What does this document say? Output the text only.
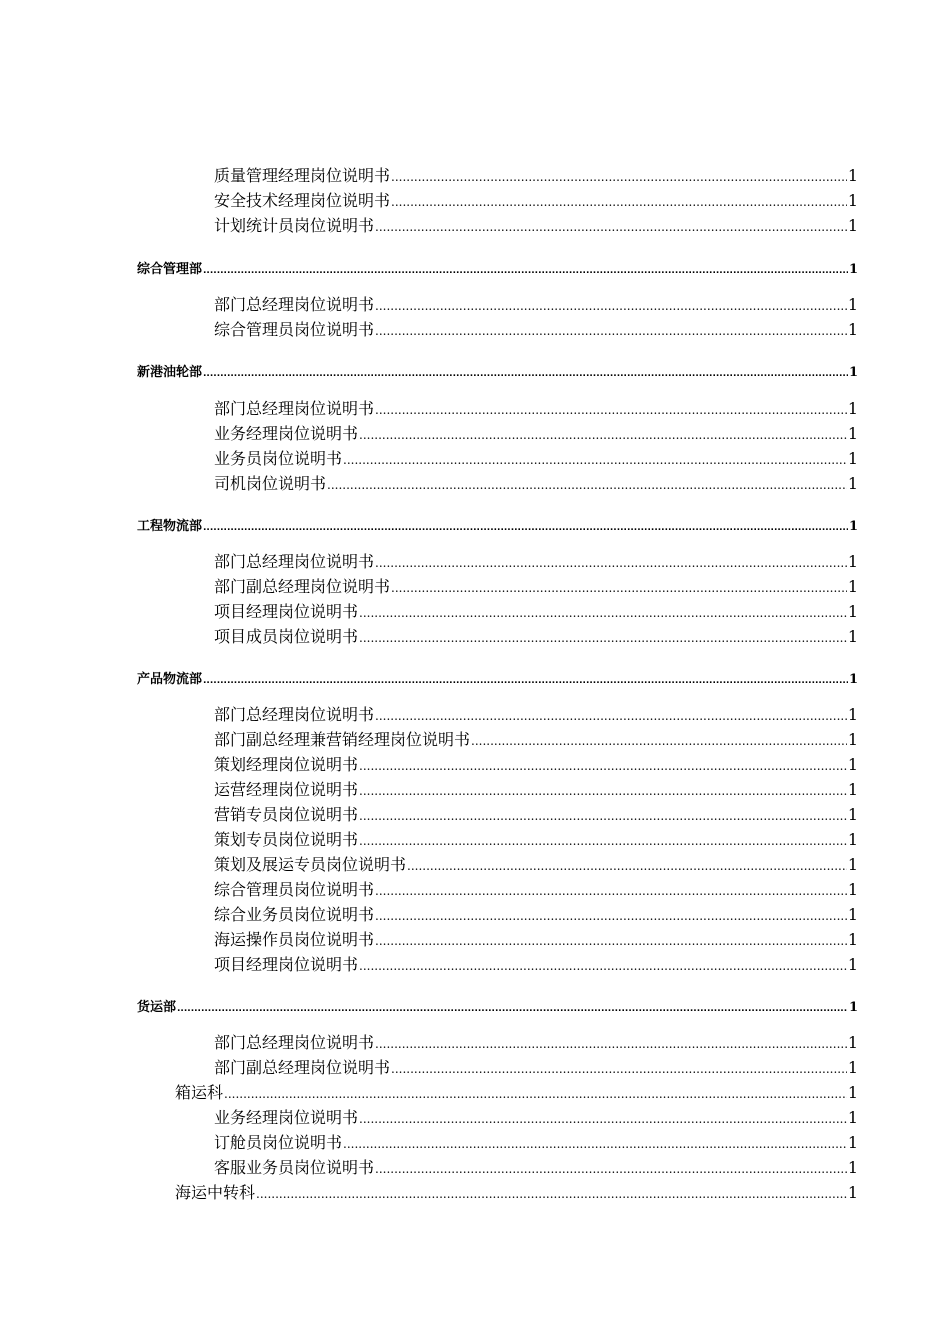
质量管理经理岗位说明书 .....	1
安全技术经理岗位说明书 .....	1
计划统计员岗位说明书 .....	1
综合管理部 .....	1
部门总经理岗位说明书 .....	1
综合管理员岗位说明书 .....	1
新港油轮部 .....	1
部门总经理岗位说明书 .....	1
业务经理岗位说明书 .....	1
业务员岗位说明书 .....	1
司机岗位说明书 .....	1
工程物流部 .....	1
部门总经理岗位说明书 .....	1
部门副总经理岗位说明书 .....	1
项目经理岗位说明书 .....	1
项目成员岗位说明书 .....	1
产品物流部 .....	1
部门总经理岗位说明书 .....	1
部门副总经理兼营销经理岗位说明书 .....	1
策划经理岗位说明书 .....	1
运营经理岗位说明书 .....	1
营销专员岗位说明书 .....	1
策划专员岗位说明书 .....	1
策划及展运专员岗位说明书 .....	1
综合管理员岗位说明书 .....	1
综合业务员岗位说明书 .....	1
海运操作员岗位说明书 .....	1
项目经理岗位说明书 .....	1
货运部 .....	1
部门总经理岗位说明书 .....	1
部门副总经理岗位说明书 .....	1
箱运科 .....	1
业务经理岗位说明书 .....	1
订舱员岗位说明书 .....	1
客服业务员岗位说明书 .....	1
海运中转科 .....	1
